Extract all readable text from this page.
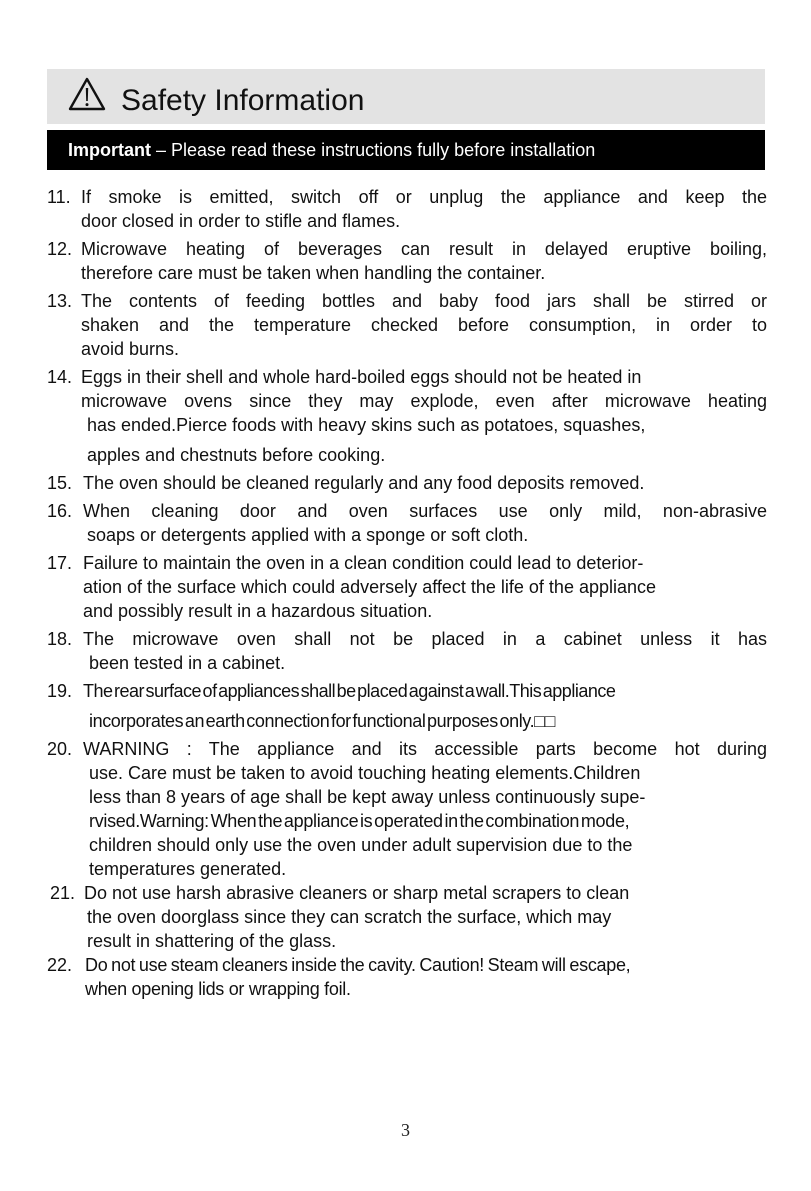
Safety Information
Important – Please read these instructions fully before installation
11. If smoke is emitted, switch off or unplug the appliance and keep the
door closed in order to stifle and flames.
12. Microwave heating of beverages can result in delayed eruptive boiling,
therefore care must be taken when handling the container.
13. The contents of feeding bottles and baby food jars shall be stirred or
shaken and the temperature checked before consumption, in order to
avoid burns.
14. Eggs in their shell and whole hard-boiled eggs should not be heated in
microwave ovens since they may explode, even after microwave heating
has ended.Pierce foods with heavy skins such as potatoes, squashes,
apples and chestnuts before cooking.
15. The oven should be cleaned regularly and any food deposits removed.
16. When cleaning door and oven surfaces use only mild, non-abrasive
soaps or detergents applied with a sponge or soft cloth.
17. Failure to maintain the oven in a clean condition could lead to deterior-
ation of the surface which could adversely affect the life of the appliance
and possibly result in a hazardous situation.
18. The microwave oven shall not be placed in a cabinet unless it has
been tested in a cabinet.
19. The rear surface of appliances shall be placed against a wall.This appliance
incorporates an earth connection for functional purposes only.□□
20. WARNING : The appliance and its accessible parts become hot during
use. Care must be taken to avoid touching heating elements.Children
less than 8 years of age shall be kept away unless continuously supe-
rvised.Warning: When the appliance is operated in the combination mode,
children should only use the oven under adult supervision due to the
temperatures generated.
21. Do not use harsh abrasive cleaners or sharp metal scrapers to clean
the oven doorglass since they can scratch the surface, which may
result in shattering of the glass.
22. Do not use steam cleaners inside the cavity. Caution! Steam will escape,
when opening lids or wrapping foil.
3
